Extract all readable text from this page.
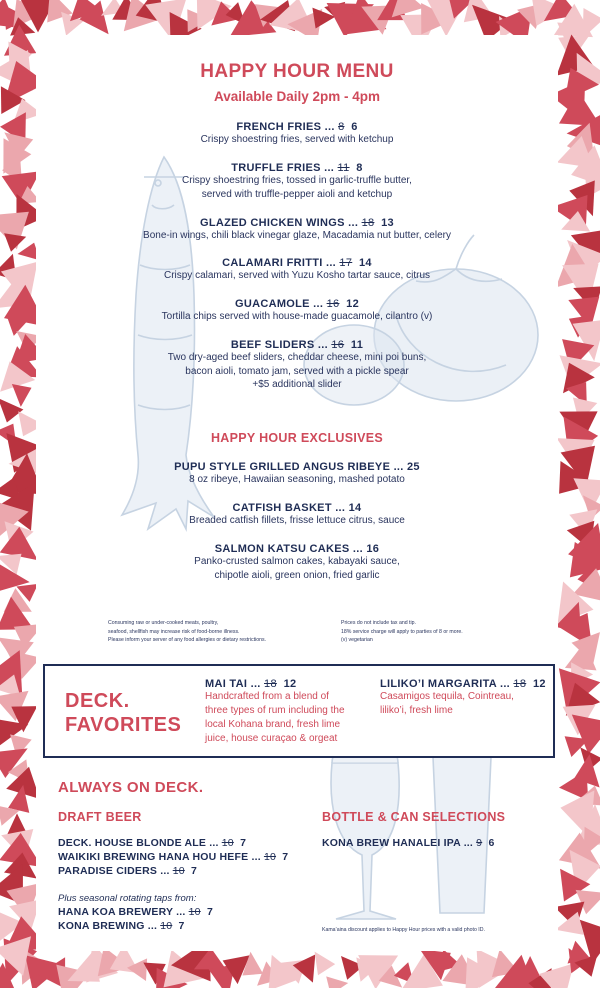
HAPPY HOUR MENU
Available Daily 2pm - 4pm
FRENCH FRIES ... 8 6
Crispy shoestring fries, served with ketchup
TRUFFLE FRIES ... 11 8
Crispy shoestring fries, tossed in garlic-truffle butter,
served with truffle-pepper aioli and ketchup
GLAZED CHICKEN WINGS ... 18 13
Bone-in wings, chili black vinegar glaze, Macadamia nut butter, celery
CALAMARI FRITTI ... 17 14
Crispy calamari, served with Yuzu Kosho tartar sauce, citrus
GUACAMOLE ... 16 12
Tortilla chips served with house-made guacamole, cilantro (v)
BEEF SLIDERS ... 16 11
Two dry-aged beef sliders, cheddar cheese, mini poi buns,
bacon aioli, tomato jam, served with a pickle spear
+$5 additional slider
HAPPY HOUR EXCLUSIVES
PUPU STYLE GRILLED ANGUS RIBEYE ... 25
8 oz ribeye, Hawaiian seasoning, mashed potato
CATFISH BASKET ... 14
Breaded catfish fillets, frisse lettuce citrus, sauce
SALMON KATSU CAKES ... 16
Panko-crusted salmon cakes, kabayaki sauce,
chipotle aioli, green onion, fried garlic
Consuming raw or under-cooked meats, poultry,
seafood, shellfish may increase risk of food-borne illness.
Please inform your server of any food allergies or dietary restrictions.
Prices do not include tax and tip.
18% service charge will apply to parties of 8 or more.
(v) vegetarian
DECK.
FAVORITES
MAI TAI ... 18 12
Handcrafted from a blend of
three types of rum including the
local Kohana brand, fresh lime
juice, house curaçao & orgeat
LILIKO’I MARGARITA ... 18 12
Casamigos tequila, Cointreau,
liliko’i, fresh lime
ALWAYS ON DECK.
DRAFT BEER
DECK. HOUSE BLONDE ALE ... 10 7
WAIKIKI BREWING HANA HOU HEFE ... 10 7
PARADISE CIDERS ... 10 7
Plus seasonal rotating taps from:
HANA KOA BREWERY ... 10 7
KONA BREWING ... 10 7
BOTTLE & CAN SELECTIONS
KONA BREW HANALEI IPA ... 9 6
Kama’aina discount applies to Happy Hour prices with a valid photo ID.
